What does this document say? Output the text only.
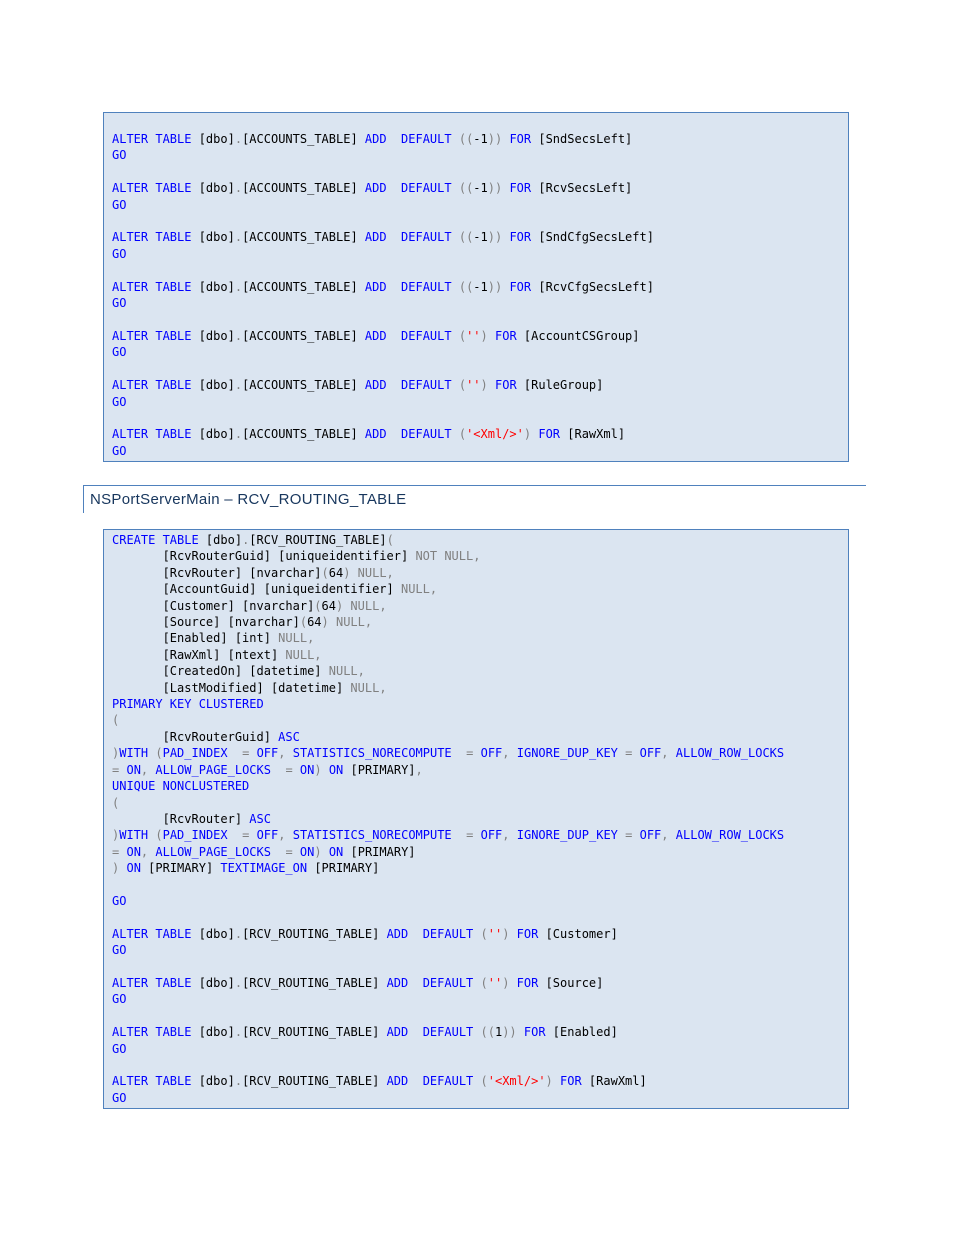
ALTER TABLE [dbo].[ACCOUNTS_TABLE] ADD  DEFAULT ((-1)) FOR [SndSecsLeft]
GO

ALTER TABLE [dbo].[ACCOUNTS_TABLE] ADD  DEFAULT ((-1)) FOR [RcvSecsLeft]
GO

ALTER TABLE [dbo].[ACCOUNTS_TABLE] ADD  DEFAULT ((-1)) FOR [SndCfgSecsLeft]
GO

ALTER TABLE [dbo].[ACCOUNTS_TABLE] ADD  DEFAULT ((-1)) FOR [RcvCfgSecsLeft]
GO

ALTER TABLE [dbo].[ACCOUNTS_TABLE] ADD  DEFAULT ('') FOR [AccountCSGroup]
GO

ALTER TABLE [dbo].[ACCOUNTS_TABLE] ADD  DEFAULT ('') FOR [RuleGroup]
GO

ALTER TABLE [dbo].[ACCOUNTS_TABLE] ADD  DEFAULT ('<Xml/>') FOR [RawXml]
GO
NSPortServerMain – RCV_ROUTING_TABLE
CREATE TABLE [dbo].[RCV_ROUTING_TABLE](
[RcvRouterGuid] [uniqueidentifier] NOT NULL,
[RcvRouter] [nvarchar](64) NULL,
[AccountGuid] [uniqueidentifier] NULL,
[Customer] [nvarchar](64) NULL,
[Source] [nvarchar](64) NULL,
[Enabled] [int] NULL,
[RawXml] [ntext] NULL,
[CreatedOn] [datetime] NULL,
[LastModified] [datetime] NULL,
PRIMARY KEY CLUSTERED
(
[RcvRouterGuid] ASC
)WITH (PAD_INDEX = OFF, STATISTICS_NORECOMPUTE = OFF, IGNORE_DUP_KEY = OFF, ALLOW_ROW_LOCKS
= ON, ALLOW_PAGE_LOCKS = ON) ON [PRIMARY],
UNIQUE NONCLUSTERED
(
[RcvRouter] ASC
)WITH (PAD_INDEX = OFF, STATISTICS_NORECOMPUTE = OFF, IGNORE_DUP_KEY = OFF, ALLOW_ROW_LOCKS
= ON, ALLOW_PAGE_LOCKS = ON) ON [PRIMARY]
) ON [PRIMARY] TEXTIMAGE_ON [PRIMARY]

GO

ALTER TABLE [dbo].[RCV_ROUTING_TABLE] ADD  DEFAULT ('') FOR [Customer]
GO

ALTER TABLE [dbo].[RCV_ROUTING_TABLE] ADD  DEFAULT ('') FOR [Source]
GO

ALTER TABLE [dbo].[RCV_ROUTING_TABLE] ADD  DEFAULT ((1)) FOR [Enabled]
GO

ALTER TABLE [dbo].[RCV_ROUTING_TABLE] ADD  DEFAULT ('<Xml/>') FOR [RawXml]
GO
